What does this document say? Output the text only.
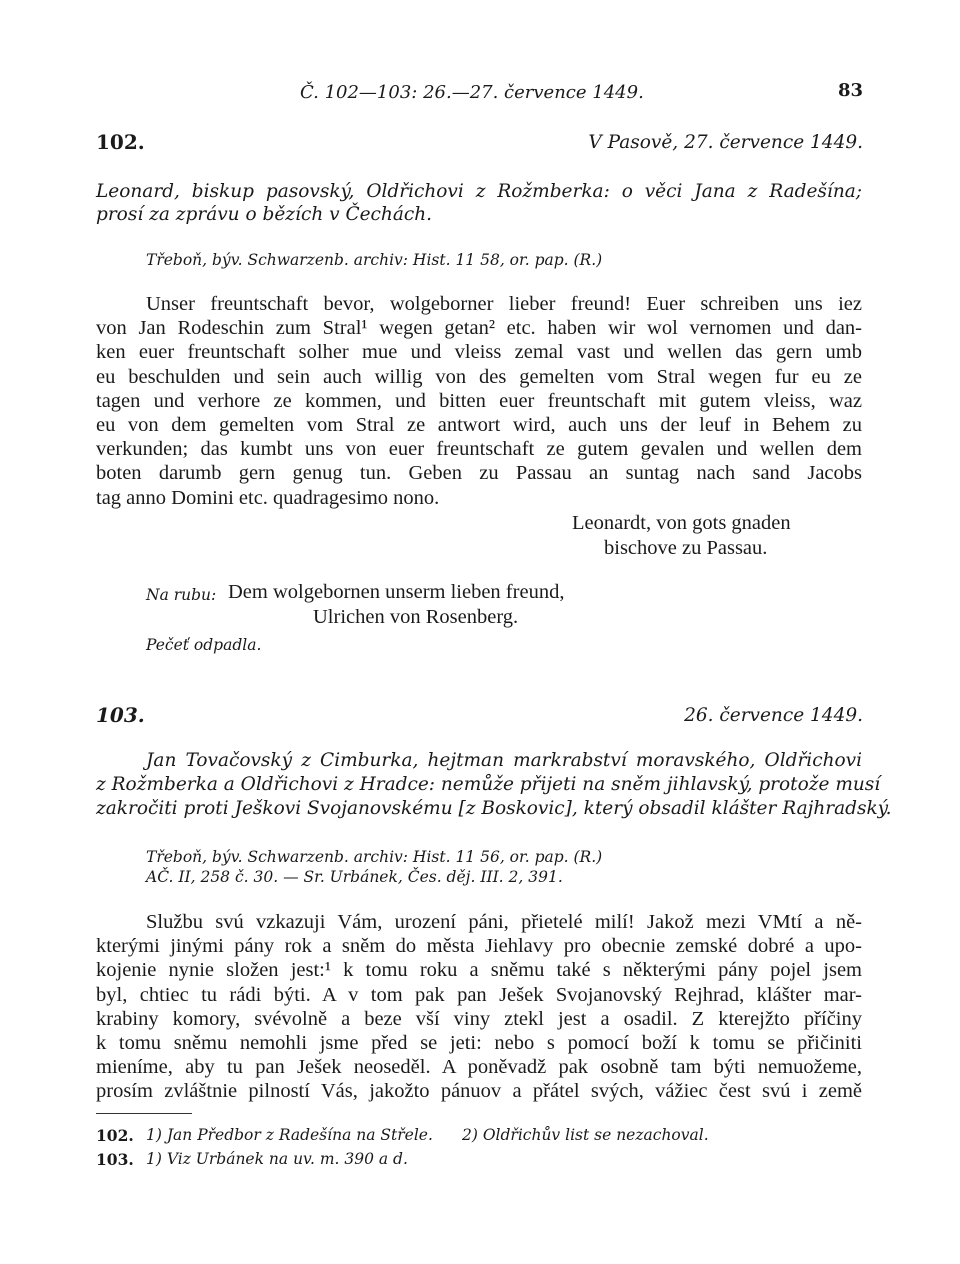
Č. 102—103: 26.—27. července 1449.	83
102.	V Pasově, 27. července 1449.
Leonard, biskup pasovský, Oldřichovi z Rožmberka: o věci Jana z Radešína;
prosí za zprávu o bězích v Čechách.
Třeboň, býv. Schwarzenb. archiv: Hist. 11 58, or. pap. (R.)
Unser freuntschaft bevor, wolgeborner lieber freund! Euer schreiben uns iez
von Jan Rodeschin zum Stral¹ wegen getan² etc. haben wir wol vernomen und dan-
ken euer freuntschaft solher mue und vleiss zemal vast und wellen das gern umb
eu beschulden und sein auch willig von des gemelten vom Stral wegen fur eu ze
tagen und verhore ze kommen, und bitten euer freuntschaft mit gutem vleiss, waz
eu von dem gemelten vom Stral ze antwort wird, auch uns der leuf in Behem zu
verkunden; das kumbt uns von euer freuntschaft ze gutem gevalen und wellen dem
boten darumb gern genug tun. Geben zu Passau an suntag nach sand Jacobs
tag anno Domini etc. quadragesimo nono.
Leonardt, von gots gnaden
bischove zu Passau.
Na rubu: Dem wolgebornen unserm lieben freund,
Ulrichen von Rosenberg.
Pečeť odpadla.
103.	26. července 1449.
Jan Tovačovský z Cimburka, hejtman markrabství moravského, Oldřichovi
z Rožmberka a Oldřichovi z Hradce: nemůže přijeti na sněm jihlavský, protože musí
zakročiti proti Ješkovi Svojanovskému [z Boskovic], který obsadil klášter Rajhradský.
Třeboň, býv. Schwarzenb. archiv: Hist. 11 56, or. pap. (R.)
AČ. II, 258 č. 30. — Sr. Urbánek, Čes. děj. III. 2, 391.
Službu svú vzkazuji Vám, urození páni, přietelé milí! Jakož mezi VMtí a ně-
kterými jinými pány rok a sněm do města Jiehlavy pro obecnie zemské dobré a upo-
kojenie nynie složen jest:¹ k tomu roku a sněmu také s některými pány pojel jsem
byl, chtiec tu rádi býti. A v tom pak pan Ješek Svojanovský Rejhrad, klášter mar-
krabiny komory, svévolně a beze vší viny ztekl jest a osadil. Z kterejžto příčiny
k tomu sněmu nemohli jsme před se jeti: nebo s pomocí boží k tomu se přičiniti
mieníme, aby tu pan Ješek neoseděl. A poněvadž pak osobně tam býti nemuožeme,
prosím zvláštnie pilností Vás, jakožto pánuov a přátel svých, vážiec čest svú i země
102. 1) Jan Předbor z Radešína na Střele. 2) Oldřichův list se nezachoval.
103. 1) Viz Urbánek na uv. m. 390 a d.
